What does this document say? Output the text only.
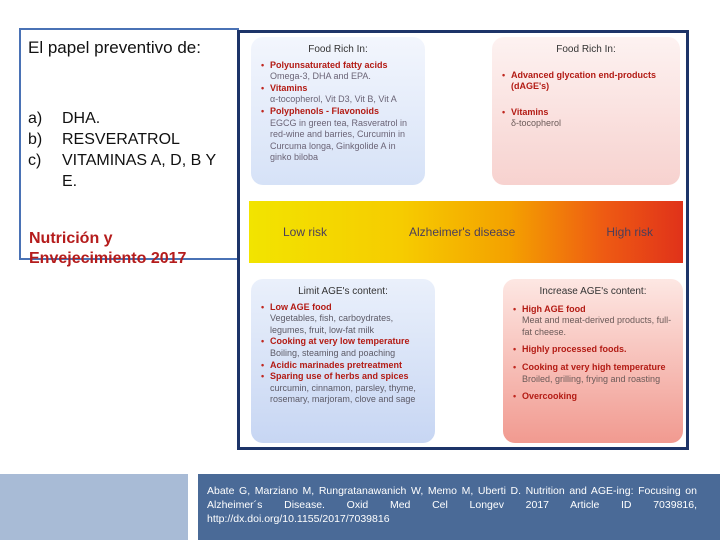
El papel preventivo de:
a)	DHA.
b)	RESVERATROL
c)	VITAMINAS A, D, B Y E.
Nutrición y Envejecimiento 2017
Food Rich In:
• Polyunsaturated fatty acids
Omega-3, DHA and EPA.
• Vitamins
α-tocopherol, Vit D3, Vit B, Vit A
• Polyphenols - Flavonoids
EGCG in green tea, Rasveratrol in red-wine and barries, Curcumin in Curcuma longa, Ginkgolide A in ginko biloba
Food Rich In:
• Advanced glycation end-products (dAGE's)
• Vitamins
δ-tocopherol
Low risk	Alzheimer's disease	High risk
Limit AGE's content:
• Low AGE food
Vegetables, fish, carboydrates, legumes, fruit, low-fat milk
• Cooking at very low temperature
Boiling, steaming and poaching
• Acidic marinades pretreatment
• Sparing use of herbs and spices
curcumin, cinnamon, parsley, thyme, rosemary, marjoram, clove and sage
Increase AGE's content:
• High AGE food
Meat and meat-derived products, full-fat cheese.
• Highly processed foods.
• Cooking at very high temperature
Broiled, grilling, frying and roasting
• Overcooking
Abate G, Marziano M, Rungratanawanich W, Memo M, Uberti D. Nutrition and AGE-ing: Focusing on Alzheimer´s Disease. Oxid Med Cel Longev 2017 Article ID 7039816, http://dx.doi.org/10.1155/2017/7039816
